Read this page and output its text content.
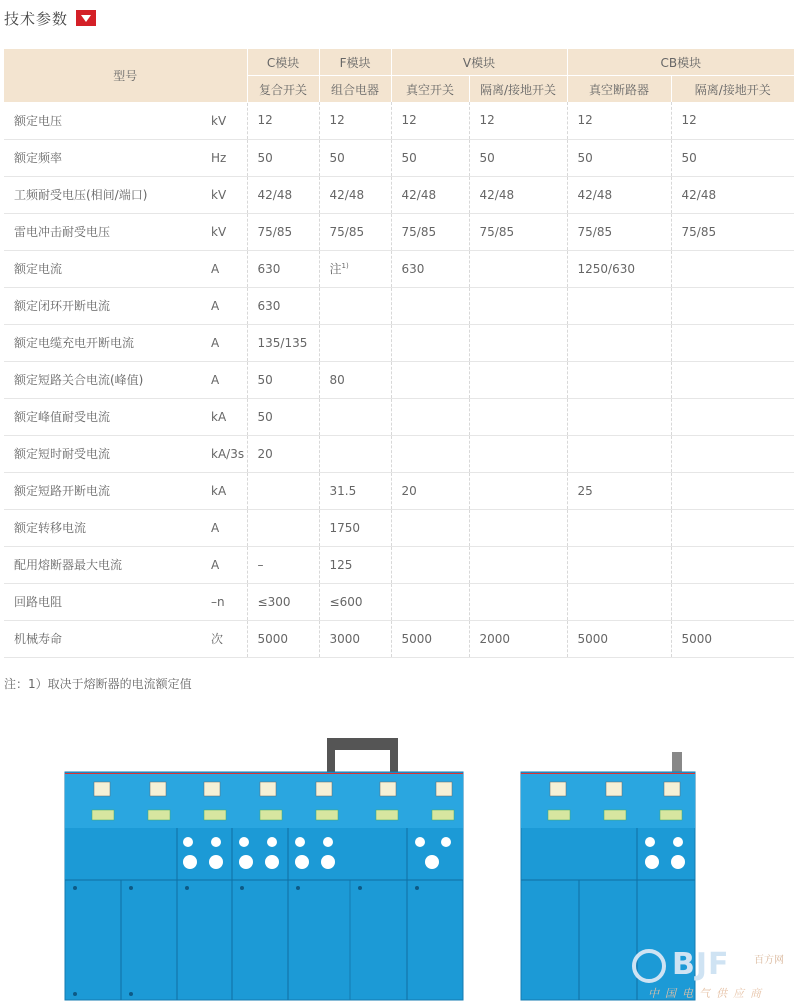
技术参数
型号		C模块	F模块	V模块		CB模块	
		复合开关	组合电器	真空开关	隔离/接地开关	真空断路器	隔离/接地开关
额定电压	kV	12	12	12	12	12	12
额定频率	Hz	50	50	50	50	50	50
工频耐受电压(相间/端口)	kV	42/48	42/48	42/48	42/48	42/48	42/48
雷电冲击耐受电压	kV	75/85	75/85	75/85	75/85	75/85	75/85
额定电流	A	630	注$^{1)}$	630		1250/630	
额定闭环开断电流	A	630					
额定电缆充电开断电流	A	135/135					
额定短路关合电流(峰值)	A	50	80				
额定峰值耐受电流	kA	50					
额定短时耐受电流	kA/3s	20					
额定短路开断电流	kA		31.5	20		25	
额定转移电流	A		1750				
配用熔断器最大电流	A	–	125				
回路电阻	–n	≤300	≤600				
机械寿命	次	5000	3000	5000	2000	5000	5000
注：1）取决于熔断器的电流额定值
BJF 百方网
中国电气供应商
